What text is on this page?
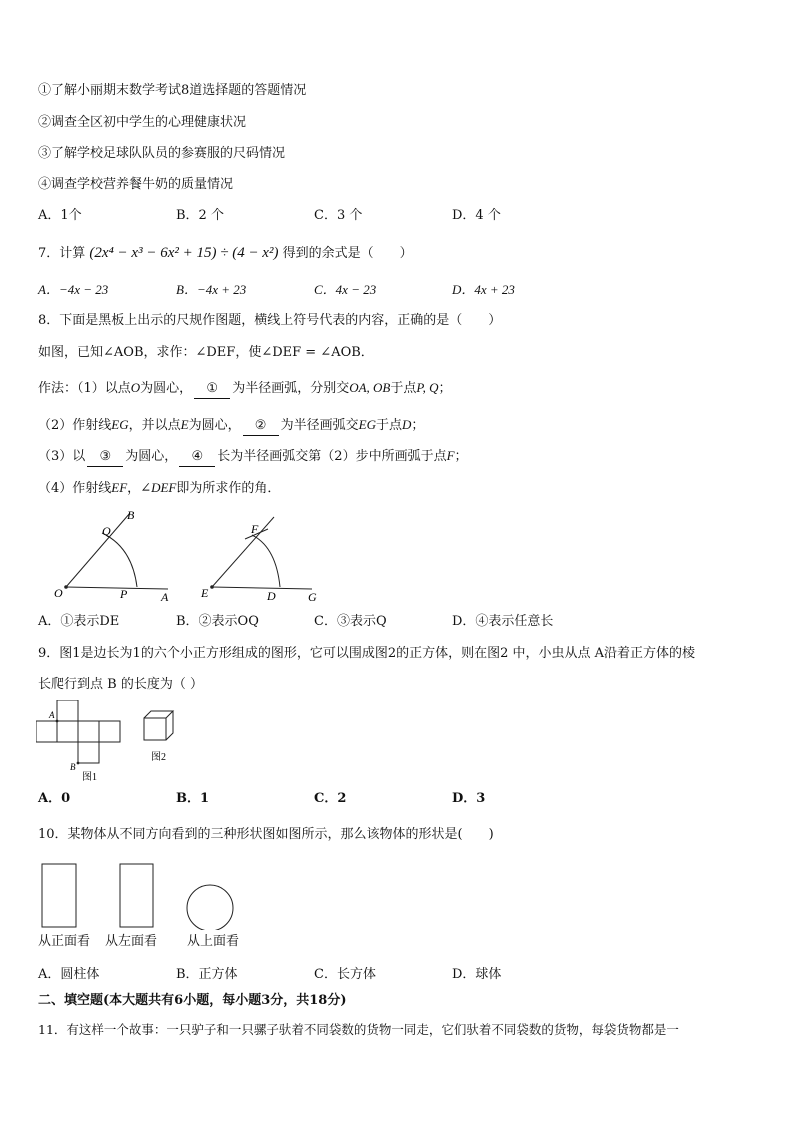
①了解小丽期末数学考试8道选择题的答题情况
②调查全区初中学生的心理健康状况
③了解学校足球队队员的参赛服的尺码情况
④调查学校营养餐牛奶的质量情况
A．1个	B．2 个	C．3 个	D．4 个
7．计算 (2x⁴ − x³ − 6x² + 15) ÷ (4 − x²) 得到的余式是（　　）
A．−4x − 23	B．−4x + 23	C．4x − 23	D．4x + 23
8．下面是黑板上出示的尺规作图题，横线上符号代表的内容，正确的是（　　）
如图，已知∠AOB，求作：∠DEF，使∠DEF = ∠AOB．
作法：（1）以点O为圆心， ① 为半径画弧，分别交OA, OB于点P, Q；
（2）作射线EG，并以点E为圆心， ② 为半径画弧交EG于点D；
（3）以 ③ 为圆心， ④ 长为半径画弧交第（2）步中所画弧于点F；
（4）作射线EF，∠DEF即为所求作的角．
O	P	A
Q
B
E	D	G
F
A．①表示DE	B．②表示OQ	C．③表示Q	D．④表示任意长
9．图1是边长为1的六个小正方形组成的图形，它可以围成图2的正方体，则在图2 中，小虫从点 A沿着正方体的棱
长爬行到点 B 的长度为（ ）
A
B
图1
图2
A．0	B．1	C．2	D．3
10．某物体从不同方向看到的三种形状图如图所示，那么该物体的形状是(　　)
从正面看 从左面看 从上面看
A．圆柱体	B．正方体	C．长方体	D．球体
二、填空题(本大题共有6小题，每小题3分，共18分)
11．有这样一个故事：一只驴子和一只骡子驮着不同袋数的货物一同走，它们驮着不同袋数的货物，每袋货物都是一
